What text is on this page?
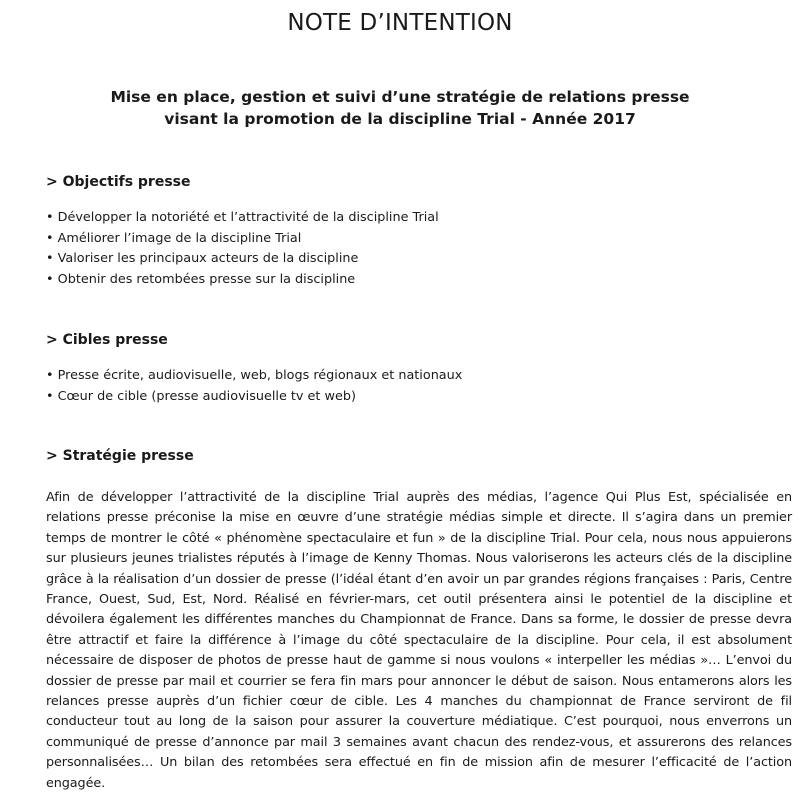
NOTE D’INTENTION
Mise en place, gestion et suivi d’une stratégie de relations presse
visant la promotion de la discipline Trial - Année 2017
> Objectifs presse
• Développer la notoriété et l’attractivité de la discipline Trial
• Améliorer l’image de la discipline Trial
• Valoriser les principaux acteurs de la discipline
• Obtenir des retombées presse sur la discipline
> Cibles presse
• Presse écrite, audiovisuelle, web, blogs régionaux et nationaux
• Cœur de cible (presse audiovisuelle tv et web)
> Stratégie presse

Afin de développer l’attractivité de la discipline Trial auprès des médias, l’agence Qui Plus Est, spécialisée en relations presse préconise la mise en œuvre d’une stratégie médias simple et directe. Il s’agira dans un premier temps de montrer le côté « phénomène spectaculaire et fun » de la discipline Trial. Pour cela, nous nous appuierons sur plusieurs jeunes trialistes réputés à l’image de Kenny Thomas. Nous valoriserons les acteurs clés de la discipline grâce à la réalisation d’un dossier de presse (l’idéal étant d’en avoir un par grandes régions françaises : Paris, Centre France, Ouest, Sud, Est, Nord. Réalisé en février-mars, cet outil présentera ainsi le potentiel de la discipline et dévoilera également les différentes manches du Championnat de France. Dans sa forme, le dossier de presse devra être attractif et faire la différence à l’image du côté spectaculaire de la discipline. Pour cela, il est absolument nécessaire de disposer de photos de presse haut de gamme si nous voulons « interpeller les médias »… L’envoi du dossier de presse par mail et courrier se fera fin mars pour annoncer le début de saison. Nous entamerons alors les relances presse auprès d’un fichier cœur de cible. Les 4 manches du championnat de France serviront de fil conducteur tout au long de la saison pour assurer la couverture médiatique. C’est pourquoi, nous enverrons un communiqué de presse d’annonce par mail 3 semaines avant chacun des rendez-vous, et assurerons des relances personnalisées… Un bilan des retombées sera effectué en fin de mission afin de mesurer l’efficacité de l’action engagée.
